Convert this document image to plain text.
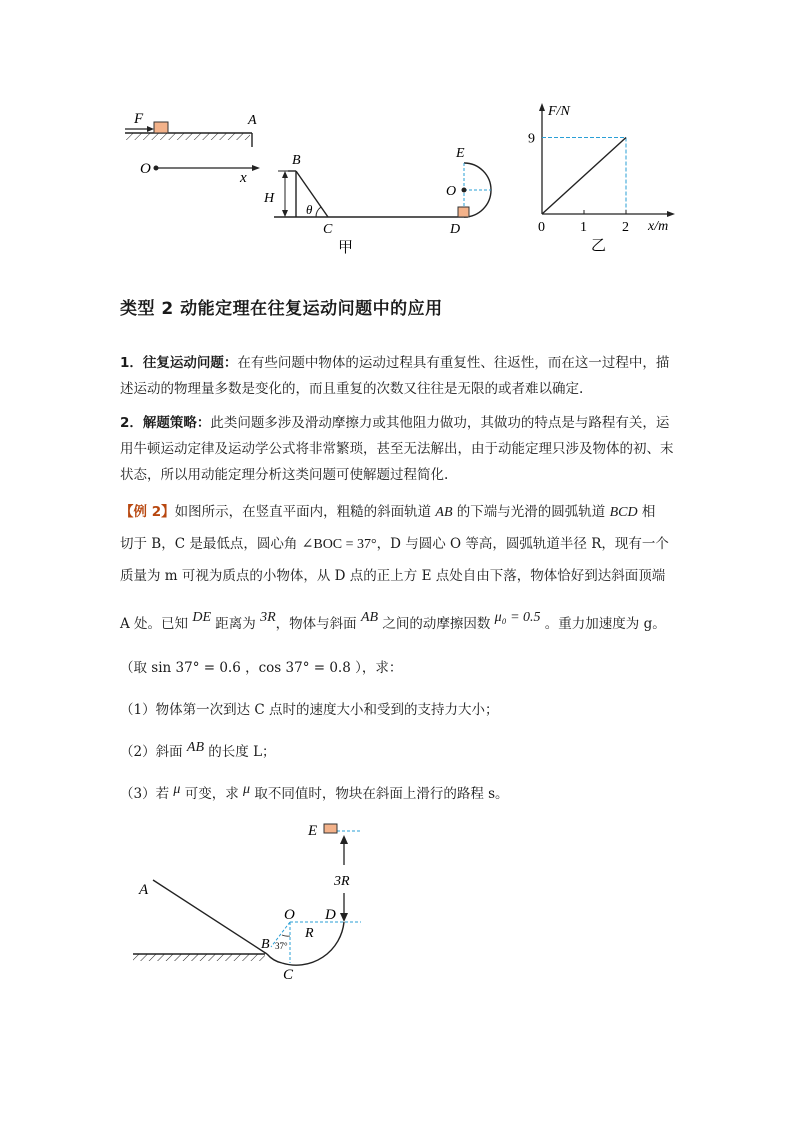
F	A
O
x
B
H
θ
C
甲
E
O
D	0	1	2
9
F/N
x/m
乙
类型 2 动能定理在往复运动问题中的应用

1．往复运动问题：在有些问题中物体的运动过程具有重复性、往返性，而在这一过程中，描述运动的物理量多数是变化的，而且重复的次数又往往是无限的或者难以确定.

2．解题策略：此类问题多涉及滑动摩擦力或其他阻力做功，其做功的特点是与路程有关，运用牛顿运动定律及运动学公式将非常繁琐，甚至无法解出，由于动能定理只涉及物体的初、末状态，所以用动能定理分析这类问题可使解题过程简化.

【例 2】如图所示，在竖直平面内，粗糙的斜面轨道 AB 的下端与光滑的圆弧轨道 BCD 相
切于 B，C 是最低点，圆心角 ∠BOC = 37°，D 与圆心 O 等高，圆弧轨道半径 R，现有一个
质量为 m 可视为质点的小物体，从 D 点的正上方 E 点处自由下落，物体恰好到达斜面顶端
A 处。已知 DE 距离为 3R，物体与斜面 AB 之间的动摩擦因数 μ₀ = 0.5 。重力加速度为 g。
（取 sin 37° = 0.6 ，cos 37° = 0.8 ），求：
（1）物体第一次到达 C 点时的速度大小和受到的支持力大小；
（2）斜面 AB 的长度 L；
（3）若 μ 可变，求 μ 取不同值时，物块在斜面上滑行的路程 s。
E
3R
A
O D
R
B 37°
C
